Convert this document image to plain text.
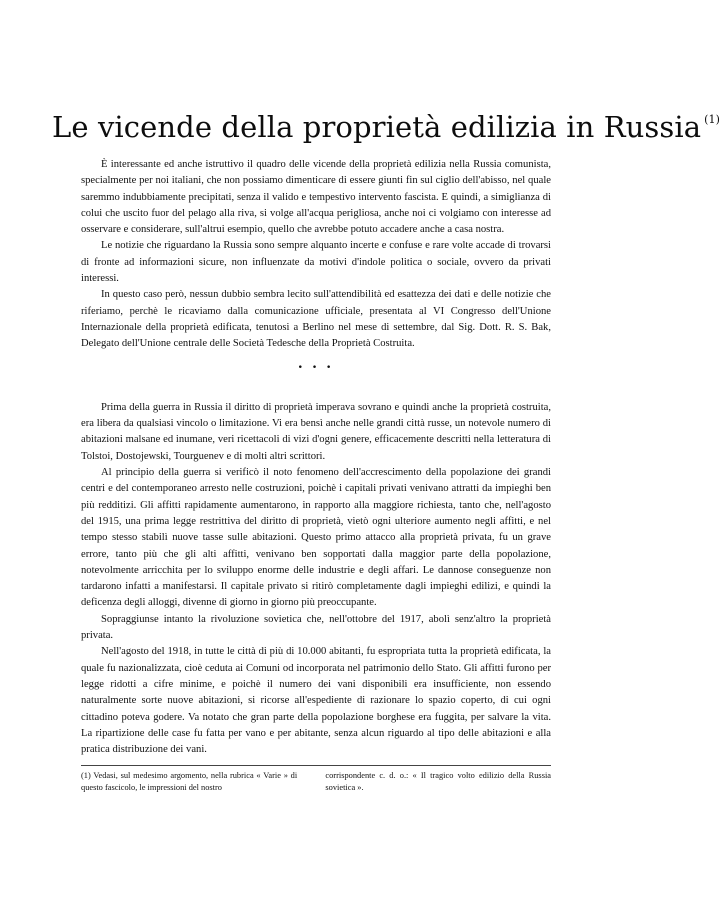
Le vicende della proprietà edilizia in Russia $^{(1)}$

È interessante ed anche istruttivo il quadro delle vicende della proprietà edilizia nella Russia comunista, specialmente per noi italiani, che non possiamo dimenticare di essere giunti fin sul ciglio dell'abisso, nel quale saremmo indubbiamente precipitati, senza il valido e tempestivo intervento fascista. E quindi, a simiglianza di colui che uscito fuor del pelago alla riva, si volge all'acqua perigliosa, anche noi ci volgiamo con interesse ad osservare e considerare, sull'altrui esempio, quello che avrebbe potuto accadere anche a casa nostra.

Le notizie che riguardano la Russia sono sempre alquanto incerte e confuse e rare volte accade di trovarsi di fronte ad informazioni sicure, non influenzate da motivi d'indole politica o sociale, ovvero da privati interessi.

In questo caso però, nessun dubbio sembra lecito sull'attendibilità ed esattezza dei dati e delle notizie che riferiamo, perchè le ricaviamo dalla comunicazione ufficiale, presentata al VI Congresso dell'Unione Internazionale della proprietà edificata, tenutosi a Berlino nel mese di settembre, dal Sig. Dott. R. S. Bak, Delegato dell'Unione centrale delle Società Tedesche della Proprietà Costruita.

• • •

Prima della guerra in Russia il diritto di proprietà imperava sovrano e quindi anche la proprietà costruita, era libera da qualsiasi vincolo o limitazione. Vi era bensì anche nelle grandi città russe, un notevole numero di abitazioni malsane ed inumane, veri ricettacoli di vizi d'ogni genere, efficacemente descritti nella letteratura di Tolstoi, Dostojewski, Tourguenev e di molti altri scrittori.

Al principio della guerra si verificò il noto fenomeno dell'accrescimento della popolazione dei grandi centri e del contemporaneo arresto nelle costruzioni, poichè i capitali privati venivano attratti da impieghi ben più redditizi. Gli affitti rapidamente aumentarono, in rapporto alla maggiore richiesta, tanto che, nell'agosto del 1915, una prima legge restrittiva del diritto di proprietà, vietò ogni ulteriore aumento negli affitti, e nel tempo stesso stabilì nuove tasse sulle abitazioni. Questo primo attacco alla proprietà privata, fu un grave errore, tanto più che gli alti affitti, venivano ben sopportati dalla maggior parte della popolazione, notevolmente arricchita per lo sviluppo enorme delle industrie e degli affari. Le dannose conseguenze non tardarono infatti a manifestarsi. Il capitale privato si ritirò completamente dagli impieghi edilizi, e quindi la deficenza degli alloggi, divenne di giorno in giorno più preoccupante.

Sopraggiunse intanto la rivoluzione sovietica che, nell'ottobre del 1917, abolì senz'altro la proprietà privata.

Nell'agosto del 1918, in tutte le città di più di 10.000 abitanti, fu espropriata tutta la proprietà edificata, la quale fu nazionalizzata, cioè ceduta ai Comuni od incorporata nel patrimonio dello Stato. Gli affitti furono per legge ridotti a cifre minime, e poichè il numero dei vani disponibili era insufficiente, non essendo naturalmente sorte nuove abitazioni, si ricorse all'espediente di razionare lo spazio coperto, di cui ogni cittadino poteva godere. Va notato che gran parte della popolazione borghese era fuggita, per salvare la vita. La ripartizione delle case fu fatta per vano e per abitante, senza alcun riguardo al tipo delle abitazioni e alla pratica distribuzione dei vani.

(1) Vedasi, sul medesimo argomento, nella rubrica « Varie » di questo fascicolo, le impressioni del nostro
corrispondente c. d. o.: « Il tragico volto edilizio della Russia sovietica ».
